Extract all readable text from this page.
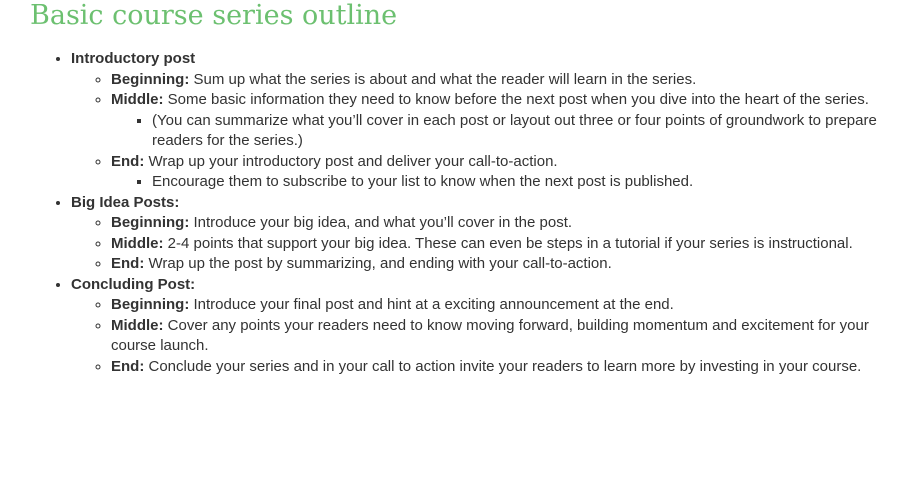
Basic course series outline
• Introductory post
◦ Beginning: Sum up what the series is about and what the reader will learn in the series.
◦ Middle: Some basic information they need to know before the next post when you dive into the heart of the series.
▪ (You can summarize what you’ll cover in each post or layout out three or four points of groundwork to prepare readers for the series.)
◦ End: Wrap up your introductory post and deliver your call-to-action.
▪ Encourage them to subscribe to your list to know when the next post is published.
• Big Idea Posts:
◦ Beginning: Introduce your big idea, and what you’ll cover in the post.
◦ Middle: 2-4 points that support your big idea. These can even be steps in a tutorial if your series is instructional.
◦ End: Wrap up the post by summarizing, and ending with your call-to-action.
• Concluding Post:
◦ Beginning: Introduce your final post and hint at a exciting announcement at the end.
◦ Middle: Cover any points your readers need to know moving forward, building momentum and excitement for your course launch.
◦ End: Conclude your series and in your call to action invite your readers to learn more by investing in your course.
